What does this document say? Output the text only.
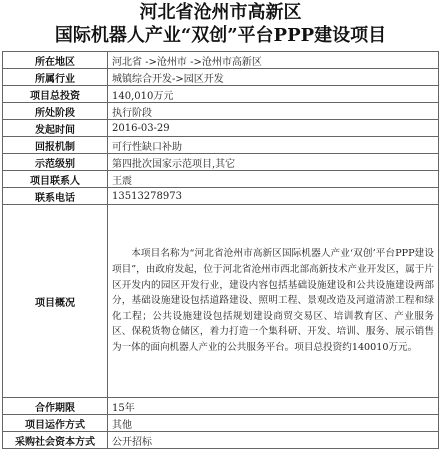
河北省沧州市高新区
国际机器人产业“双创”平台PPP建设项目
所在地区	河北省 ->沧州市 ->沧州市高新区
所属行业	城镇综合开发->园区开发
项目总投资	140,010万元
所处阶段	执行阶段
发起时间	2016-03-29
回报机制	可行性缺口补助
示范级别	第四批次国家示范项目,其它
项目联系人	王震
联系电话	13513278973
项目概况	本项目名称为“河北省沧州市高新区国际机器人产业‘双创’平台PPP建设项目”，由政府发起，位于河北省沧州市西北部高新技术产业开发区，属于片区开发内的园区开发行业，建设内容包括基础设施建设和公共设施建设两部分，基础设施建设包括道路建设、照明工程、景观改造及河道清淤工程和绿化工程；公共设施建设包括规划建设商贸交易区、培训教育区、产业服务区、保税货物仓储区，着力打造一个集科研、开发、培训、服务、展示销售为一体的面向机器人产业的公共服务平台。项目总投资约140010万元。
合作期限	15年
项目运作方式	其他
采购社会资本方式	公开招标
